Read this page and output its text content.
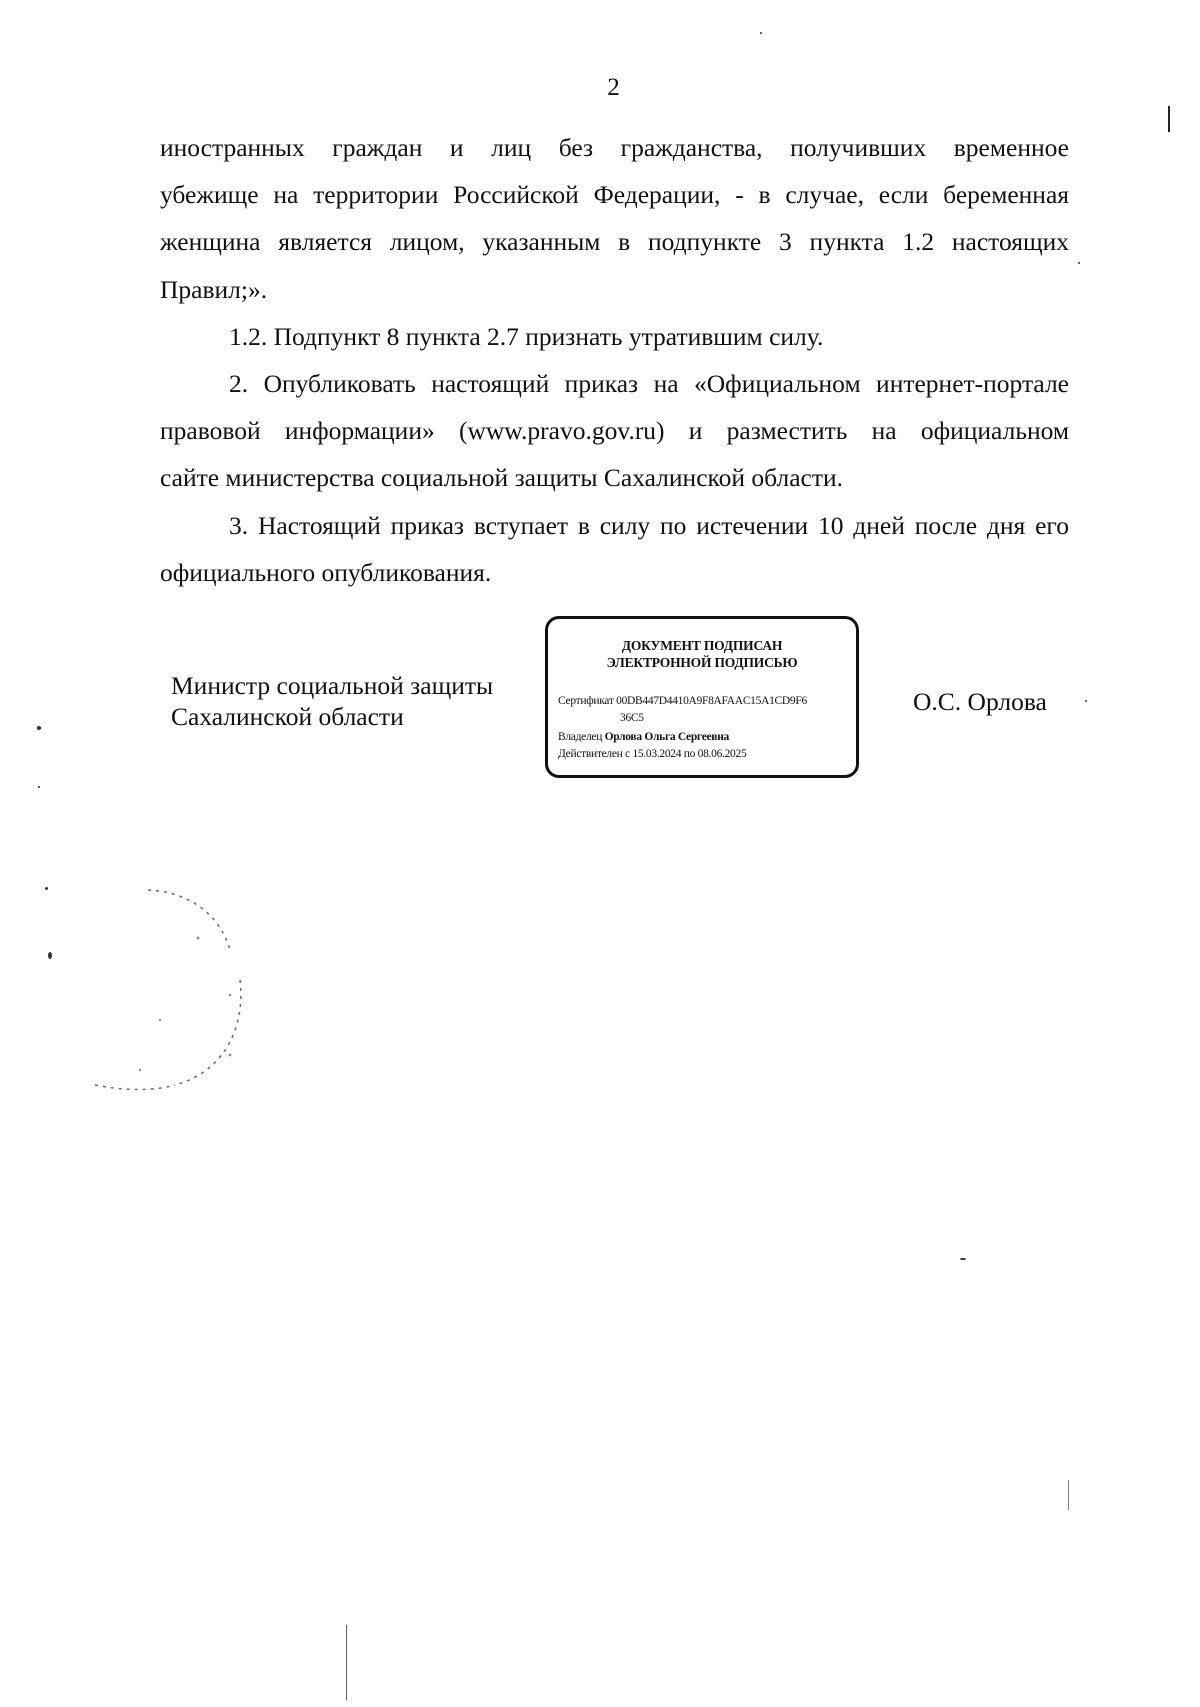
2

иностранных граждан и лиц без гражданства, получивших временное
убежище на территории Российской Федерации, - в случае, если беременная
женщина является лицом, указанным в подпункте 3 пункта 1.2 настоящих
Правил;».

1.2. Подпункт 8 пункта 2.7 признать утратившим силу.

2. Опубликовать настоящий приказ на «Официальном интернет-портале
правовой информации» (www.pravo.gov.ru) и разместить на официальном
сайте министерства социальной защиты Сахалинской области.

3. Настоящий приказ вступает в силу по истечении 10 дней после дня его
официального опубликования.

Министр социальной защиты
Сахалинской области
ДОКУМЕНТ ПОДПИСАН
ЭЛЕКТРОННОЙ ПОДПИСЬЮ
Сертификат 00DB447D4410A9F8AFAAC15A1CD9F6
36C5
Владелец Орлова Ольга Сергеевна
Действителен с 15.03.2024 по 08.06.2025
О.С. Орлова
